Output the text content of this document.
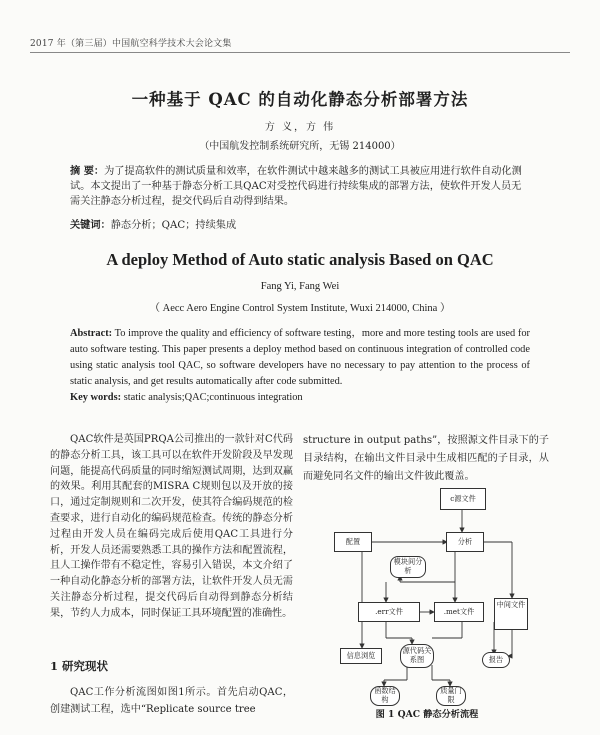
2017 年（第三届）中国航空科学技术大会论文集
一种基于 QAC 的自动化静态分析部署方法
方 义，方 伟
（中国航发控制系统研究所，无锡 214000）
摘 要：为了提高软件的测试质量和效率，在软件测试中越来越多的测试工具被应用进行软件自动化测试。本文提出了一种基于静态分析工具QAC对受控代码进行持续集成的部署方法，使软件开发人员无需关注静态分析过程，提交代码后自动得到结果。
关键词：静态分析；QAC；持续集成
A deploy Method of Auto static analysis Based on QAC
Fang Yi, Fang Wei
（ Aecc Aero Engine Control System Institute, Wuxi 214000, China ）
Abstract: To improve the quality and efficiency of software testing，more and more testing tools are used for auto software testing. This paper presents a deploy method based on continuous integration of controlled code using static analysis tool QAC, so software developers have no necessary to pay attention to the process of static analysis, and get results automatically after code submitted.
Key words: static analysis;QAC;continuous integration

QAC软件是英国PRQA公司推出的一款针对C代码的静态分析工具，该工具可以在软件开发阶段及早发现问题，能提高代码质量的同时缩短测试周期，达到双赢的效果。利用其配套的MISRA C规则包以及开放的接口，通过定制规则和二次开发，使其符合编码规范的检查要求，进行自动化的编码规范检查。传统的静态分析过程由开发人员在编码完成后使用QAC工具进行分析，开发人员还需要熟悉工具的操作方法和配置流程，且人工操作带有不稳定性，容易引入错误，本文介绍了一种自动化静态分析的部署方法，让软件开发人员无需关注静态分析过程，提交代码后自动得到静态分析结果，节约人力成本，同时保证工具环境配置的准确性。

1 研究现状
QAC工作分析流图如图1所示。首先启动QAC，创建测试工程，选中“Replicate source tree
structure in output paths”，按照源文件目录下的子目录结构，在输出文件目录中生成相匹配的子目录，从而避免同名文件的输出文件彼此覆盖。
c源文件
配置	分析
模块间分析
.err文件	.met文件
中间文件
信息浏览	源代码关系图	报告
函数结构
质量门限
图 1 QAC 静态分析流程
